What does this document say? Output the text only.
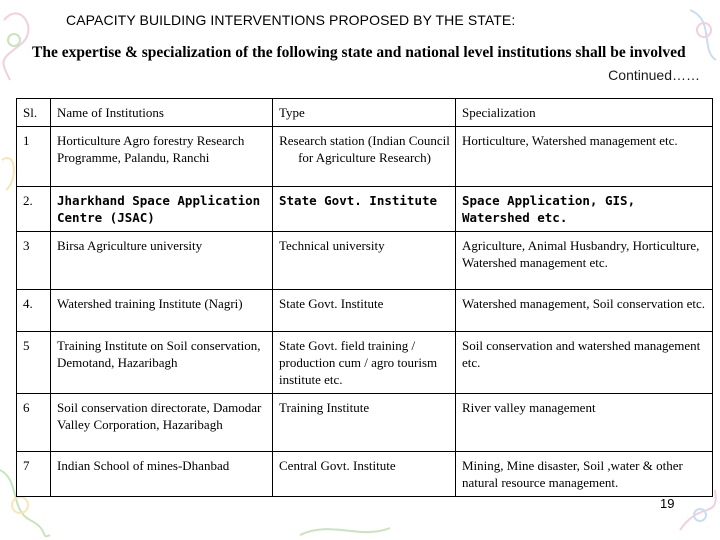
CAPACITY BUILDING INTERVENTIONS PROPOSED BY THE STATE:
The expertise & specialization of the following state and national level institutions shall be involved
Continued……
Sl.	Name of Institutions	Type	Specialization
1	Horticulture Agro forestry Research Programme, Palandu, Ranchi	Research station (Indian Council for Agriculture Research)	Horticulture, Watershed management etc.
2.	Jharkhand Space Application Centre (JSAC)	State Govt. Institute	Space Application, GIS, Watershed etc.
3	Birsa Agriculture university	Technical university	Agriculture, Animal Husbandry, Horticulture, Watershed management etc.
4.	Watershed training Institute (Nagri)	State Govt. Institute	Watershed management, Soil conservation etc.
5	Training Institute on Soil conservation, Demotand, Hazaribagh	State Govt. field training / production cum / agro tourism institute etc.	Soil conservation and watershed management etc.
6	Soil conservation directorate, Damodar Valley Corporation, Hazaribagh	Training Institute	River valley management
7	Indian School of mines-Dhanbad	Central Govt. Institute	Mining, Mine disaster, Soil ,water & other natural resource management.
19
